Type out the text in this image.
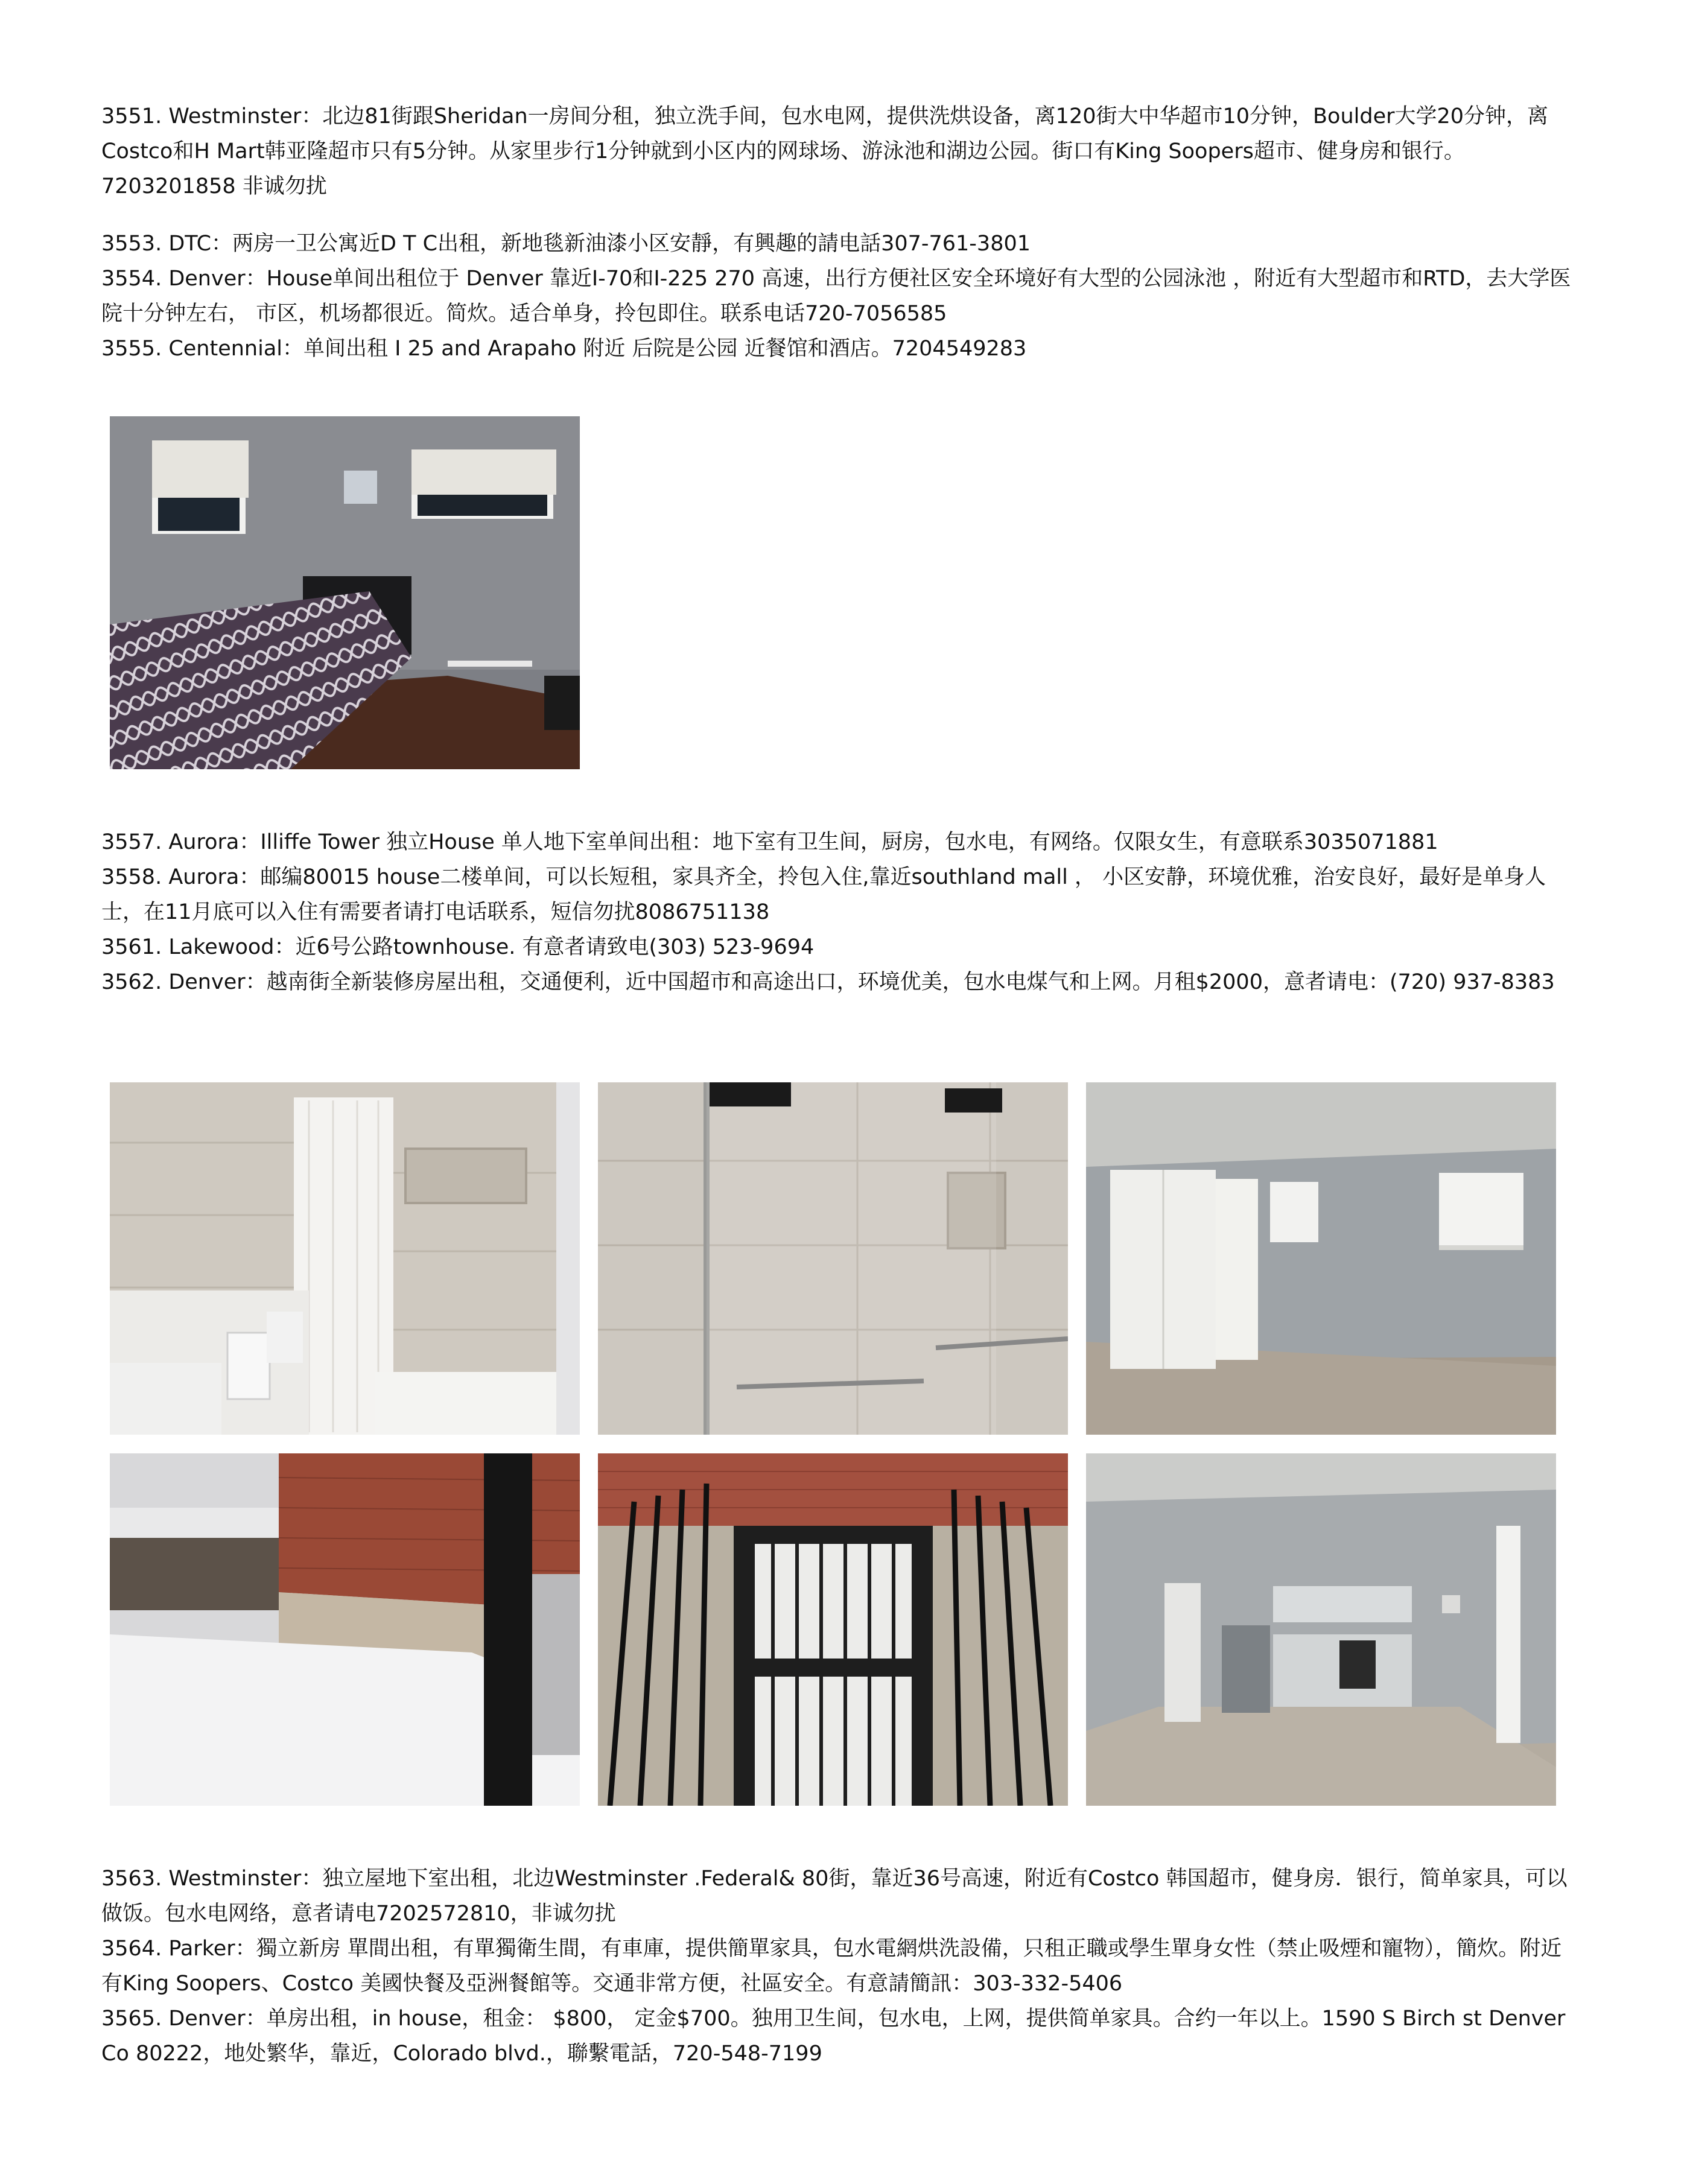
3551. Westminster：北边81街跟Sheridan一房间分租，独立洗手间，包水电网，提供洗烘设备，离120街大中华超市10分钟，Boulder大学20分钟，离Costco和H Mart韩亚隆超市只有5分钟。从家里步行1分钟就到小区内的网球场、游泳池和湖边公园。街口有King Soopers超市、健身房和银行。7203201858 非诚勿扰

3553. DTC：两房一卫公寓近D T C出租，新地毯新油漆小区安靜，有興趣的請电話307-761-3801

3554. Denver：House单间出租位于 Denver 靠近I-70和I-225 270 高速，出行方便社区安全环境好有大型的公园泳池 ，附近有大型超市和RTD，去大学医院十分钟左右， 市区，机场都很近。简炊。适合单身，拎包即住。联系电话720-7056585

3555. Centennial：单间出租 I 25 and Arapaho 附近 后院是公园 近餐馆和酒店。7204549283

3557. Aurora：Illiffe Tower 独立House 单人地下室单间出租：地下室有卫生间，厨房，包水电，有网络。仅限女生，有意联系3035071881

3558. Aurora：邮编80015 house二楼单间，可以长短租，家具齐全，拎包入住,靠近southland mall ， 小区安静，环境优雅，治安良好，最好是单身人士，在11月底可以入住有需要者请打电话联系，短信勿扰8086751138

3561. Lakewood：近6号公路townhouse. 有意者请致电(303) 523-9694

3562. Denver：越南街全新装修房屋出租，交通便利，近中国超市和高途出口，环境优美，包水电煤气和上网。月租$2000，意者请电：(720) 937-8383

3563. Westminster：独立屋地下室出租，北边Westminster .Federal& 80街，靠近36号高速，附近有Costco 韩国超市，健身房．银行，简单家具，可以做饭。包水电网络，意者请电7202572810，非诚勿扰

3564. Parker：獨立新房 單間出租，有單獨衛生間，有車庫，提供簡單家具，包水電網烘洗設備，只租正職或學生單身女性（禁止吸煙和寵物），簡炊。附近有King Soopers、Costco 美國快餐及亞洲餐館等。交通非常方便，社區安全。有意請簡訊：303-332-5406

3565. Denver：单房出租，in house，租金： $800， 定金$700。独用卫生间，包水电，上网，提供简单家具。合约一年以上。1590 S Birch st Denver Co 80222，地处繁华，靠近，Colorado blvd.，聯繫電話，720-548-7199
